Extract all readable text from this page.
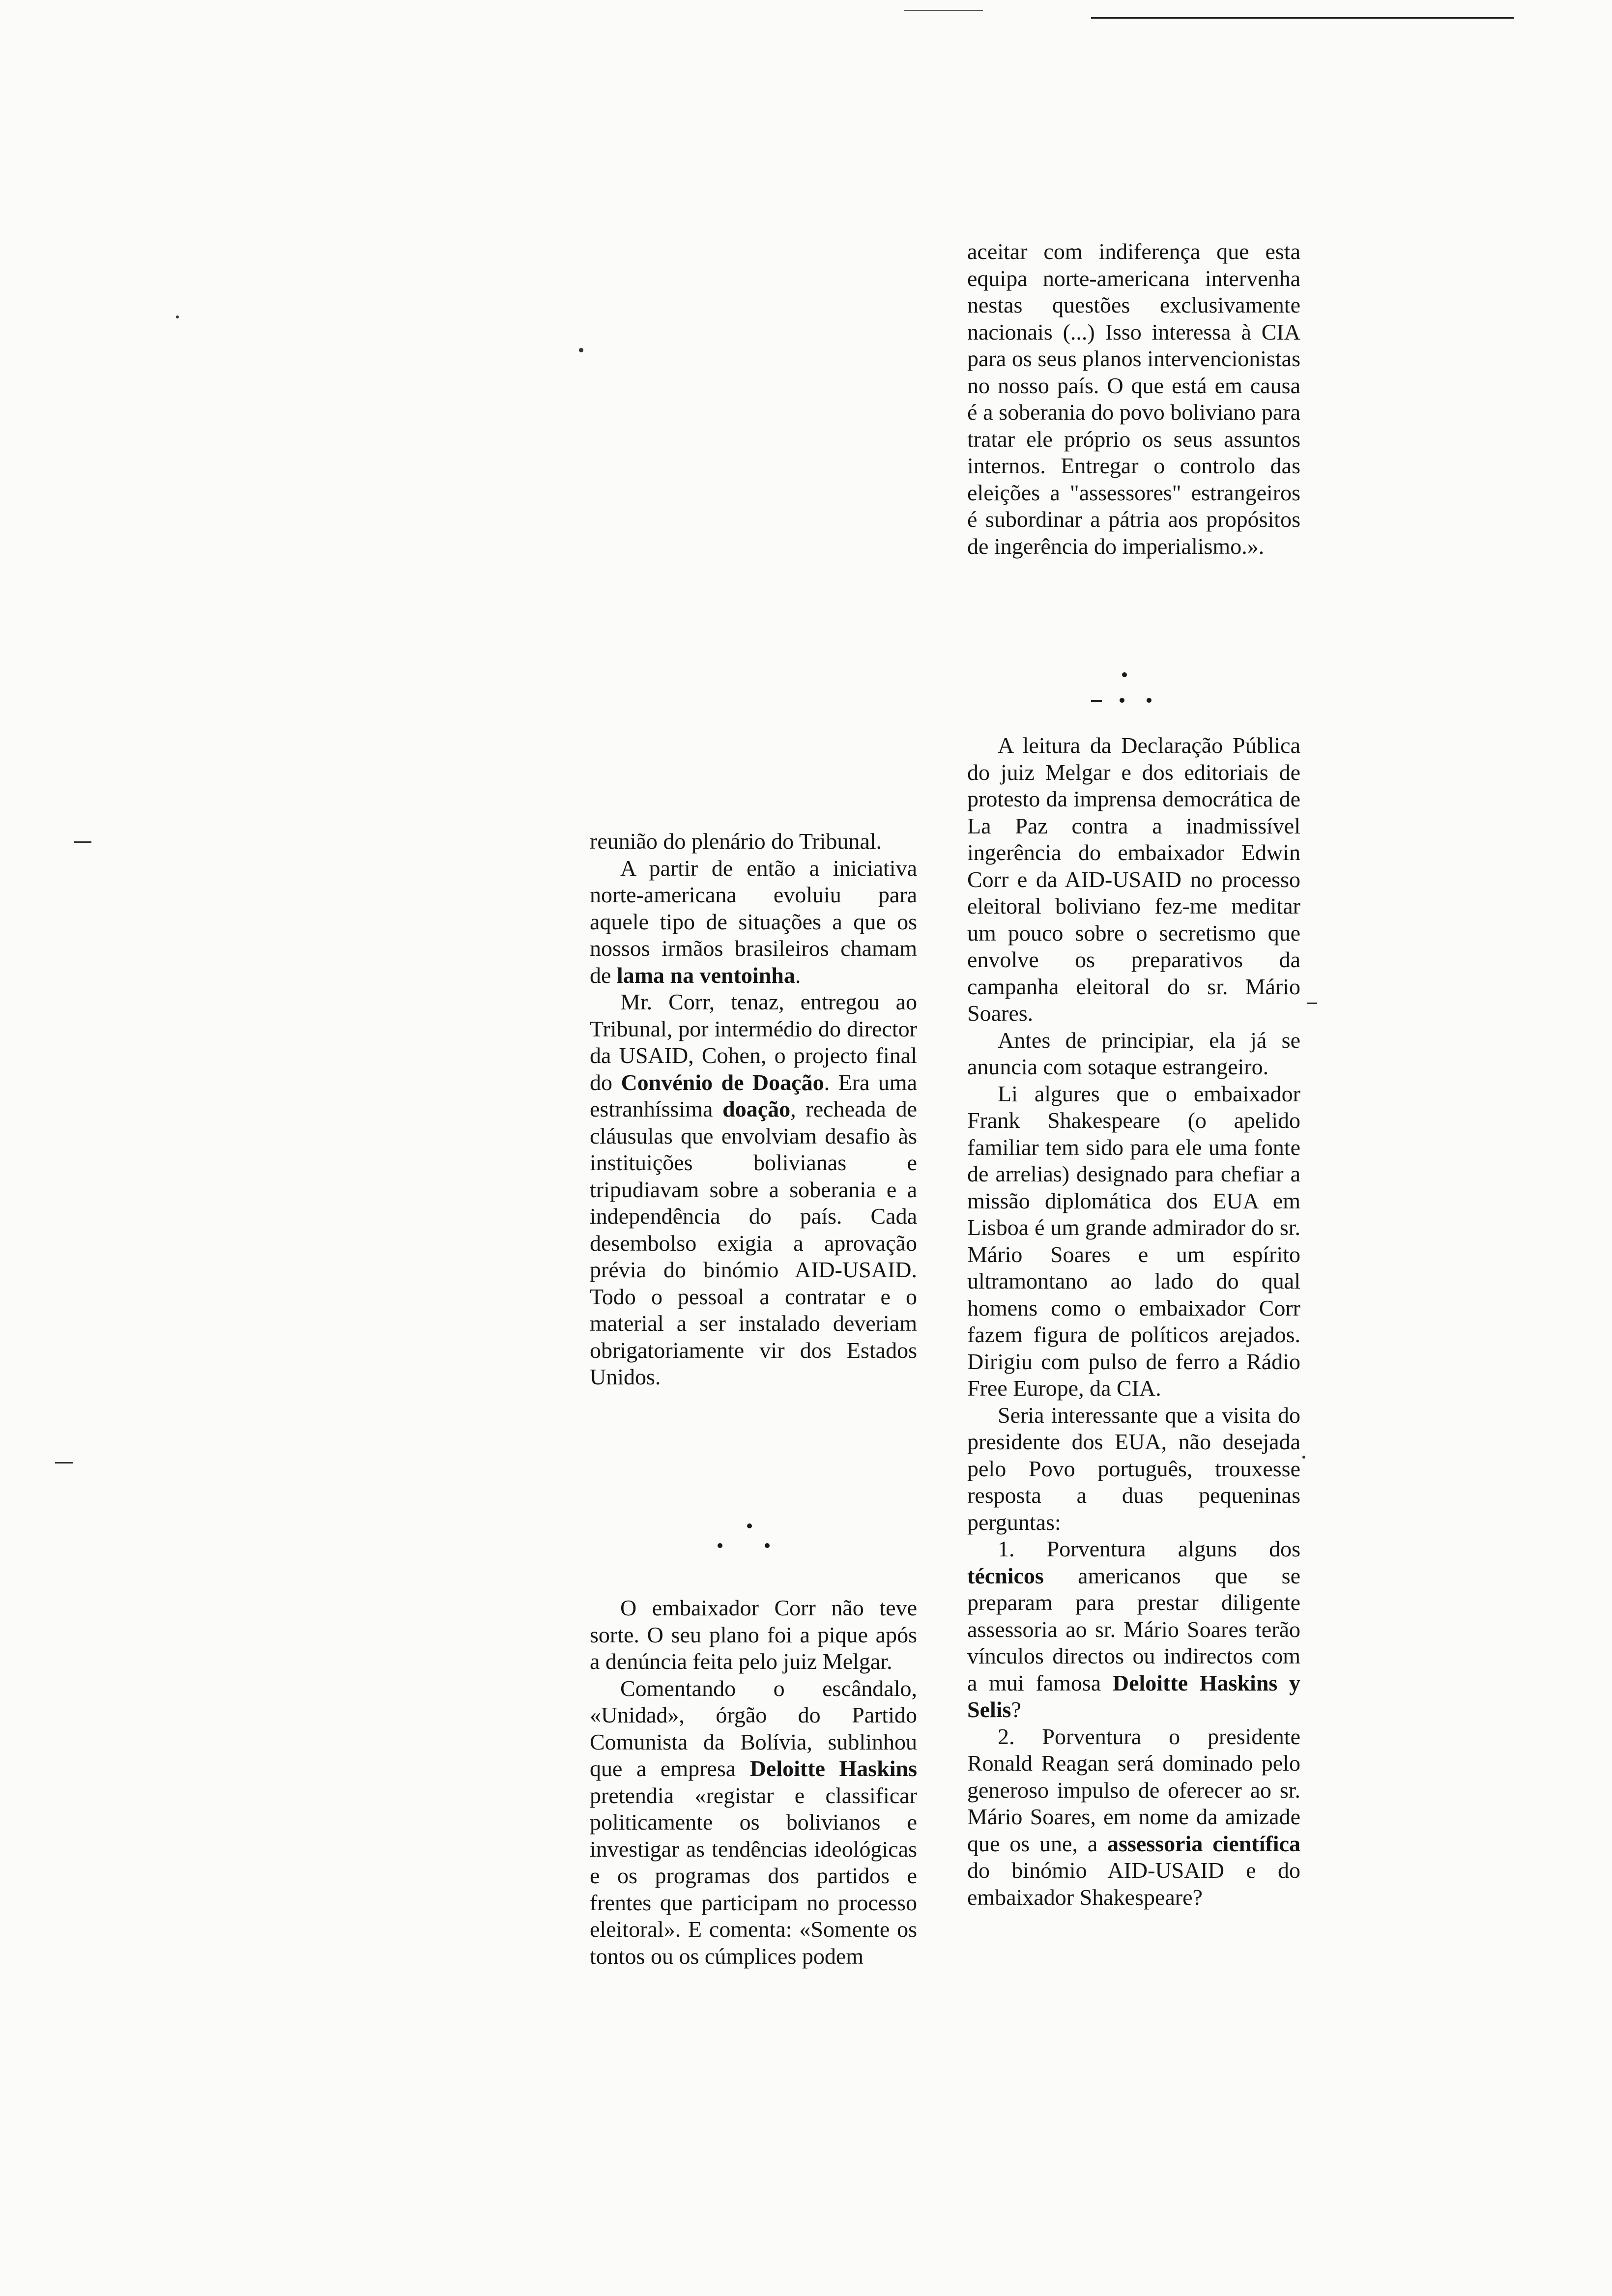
reunião do plenário do Tribunal.

A partir de então a iniciativa norte-americana evoluiu para aquele tipo de situações a que os nossos irmãos brasileiros chamam de lama na ventoinha.

Mr. Corr, tenaz, entregou ao Tribunal, por intermédio do director da USAID, Cohen, o projecto final do Convénio de Doação. Era uma estranhíssima doação, recheada de cláusulas que envolviam desafio às instituições bolivianas e tripudiavam sobre a soberania e a independência do país. Cada desembolso exigia a aprovação prévia do binómio AID-USAID. Todo o pessoal a contratar e o material a ser instalado deveriam obrigatoriamente vir dos Estados Unidos.

O embaixador Corr não teve sorte. O seu plano foi a pique após a denúncia feita pelo juiz Melgar.

Comentando o escândalo, «Unidad», órgão do Partido Comunista da Bolívia, sublinhou que a empresa Deloitte Haskins pretendia «registar e classificar politicamente os bolivianos e investigar as tendências ideológicas e os programas dos partidos e frentes que participam no processo eleitoral». E comenta: «Somente os tontos ou os cúmplices podem

aceitar com indiferença que esta equipa norte-americana intervenha nestas questões exclusivamente nacionais (...) Isso interessa à CIA para os seus planos intervencionistas no nosso país. O que está em causa é a soberania do povo boliviano para tratar ele próprio os seus assuntos internos. Entregar o controlo das eleições a "assessores" estrangeiros é subordinar a pátria aos propósitos de ingerência do imperialismo.».

A leitura da Declaração Pública do juiz Melgar e dos editoriais de protesto da imprensa democrática de La Paz contra a inadmissível ingerência do embaixador Edwin Corr e da AID-USAID no processo eleitoral boliviano fez-me meditar um pouco sobre o secretismo que envolve os preparativos da campanha eleitoral do sr. Mário Soares.

Antes de principiar, ela já se anuncia com sotaque estrangeiro.

Li algures que o embaixador Frank Shakespeare (o apelido familiar tem sido para ele uma fonte de arrelias) designado para chefiar a missão diplomática dos EUA em Lisboa é um grande admirador do sr. Mário Soares e um espírito ultramontano ao lado do qual homens como o embaixador Corr fazem figura de políticos arejados. Dirigiu com pulso de ferro a Rádio Free Europe, da CIA.

Seria interessante que a visita do presidente dos EUA, não desejada pelo Povo português, trouxesse resposta a duas pequeninas perguntas:

1. Porventura alguns dos técnicos americanos que se preparam para prestar diligente assessoria ao sr. Mário Soares terão vínculos directos ou indirectos com a mui famosa Deloitte Haskins y Selis?

2. Porventura o presidente Ronald Reagan será dominado pelo generoso impulso de oferecer ao sr. Mário Soares, em nome da amizade que os une, a assessoria científica do binómio AID-USAID e do embaixador Shakespeare?
